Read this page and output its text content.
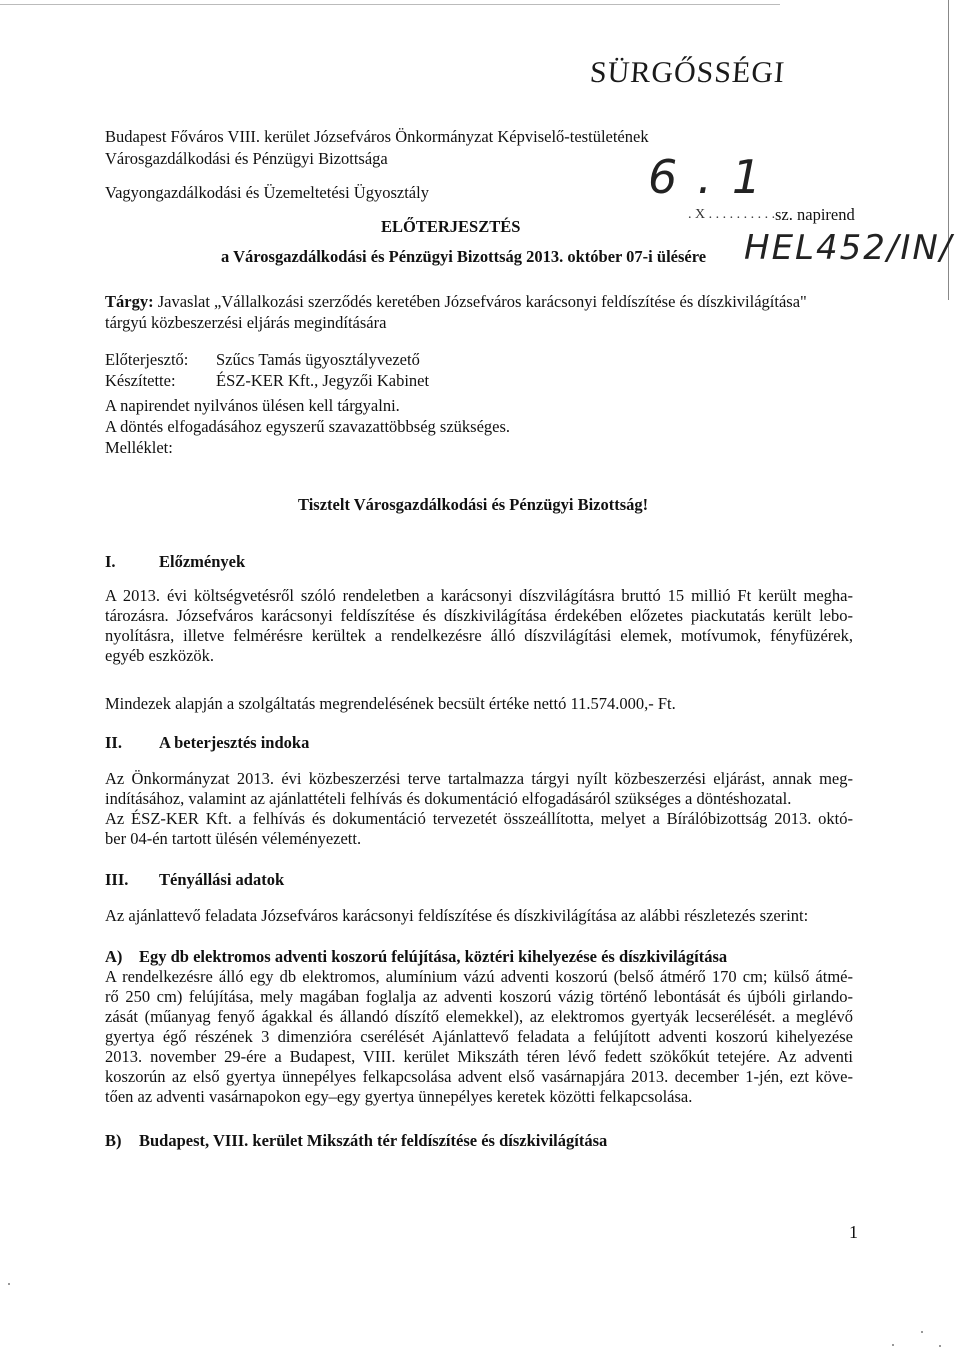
SÜRGŐSSÉGI
Budapest Főváros VIII. kerület Józsefváros Önkormányzat Képviselő-testületének
Városgazdálkodási és Pénzügyi Bizottsága
Vagyongazdálkodási és Üzemeltetési Ügyosztály	6.1
. X . . . . . . . . . . sz. napirend
ELŐTERJESZTÉS
a Városgazdálkodási és Pénzügyi Bizottság 2013. október 07-i ülésére HEL452/IN/
Tárgy: Javaslat „Vállalkozási szerződés keretében Józsefváros karácsonyi feldíszítése és díszkivilágítása"
tárgyú közbeszerzési eljárás megindítására
Előterjesztő: Szűcs Tamás ügyosztályvezető
Készítette: ÉSZ-KER Kft., Jegyzői Kabinet
A napirendet nyilvános ülésen kell tárgyalni.
A döntés elfogadásához egyszerű szavazattöbbség szükséges.
Melléklet:
Tisztelt Városgazdálkodási és Pénzügyi Bizottság!
I.	Előzmények
A 2013. évi költségvetésről szóló rendeletben a karácsonyi díszvilágításra bruttó 15 millió Ft került megha-
tározásra. Józsefváros karácsonyi feldíszítése és díszkivilágítása érdekében előzetes piackutatás került lebo-
nyolításra, illetve felmérésre kerültek a rendelkezésre álló díszvilágítási elemek, motívumok, fényfüzérek,
egyéb eszközök.
Mindezek alapján a szolgáltatás megrendelésének becsült értéke nettó 11.574.000,- Ft.
II. A beterjesztés indoka
Az Önkormányzat 2013. évi közbeszerzési terve tartalmazza tárgyi nyílt közbeszerzési eljárást, annak meg-
indításához, valamint az ajánlattételi felhívás és dokumentáció elfogadásáról szükséges a döntéshozatal.
Az ÉSZ-KER Kft. a felhívás és dokumentáció tervezetét összeállította, melyet a Bírálóbizottság 2013. októ-
ber 04-én tartott ülésén véleményezett.
III. Tényállási adatok
Az ajánlattevő feladata Józsefváros karácsonyi feldíszítése és díszkivilágítása az alábbi részletezés szerint:
A) Egy db elektromos adventi koszorú felújítása, köztéri kihelyezése és díszkivilágítása
A rendelkezésre álló egy db elektromos, alumínium vázú adventi koszorú (belső átmérő 170 cm; külső átmé-
rő 250 cm) felújítása, mely magában foglalja az adventi koszorú vázig történő lebontását és újbóli girlando-
zását (műanyag fenyő ágakkal és állandó díszítő elemekkel), az elektromos gyertyák lecserélését. a meglévő
gyertya égő részének 3 dimenzióra cserélését Ajánlattevő feladata a felújított adventi koszorú kihelyezése
2013. november 29-ére a Budapest, VIII. kerület Mikszáth téren lévő fedett szökőkút tetejére. Az adventi
koszorún az első gyertya ünnepélyes felkapcsolása advent első vasárnapjára 2013. december 1-jén, ezt köve-
tően az adventi vasárnapokon egy–egy gyertya ünnepélyes keretek közötti felkapcsolása.
B) Budapest, VIII. kerület Mikszáth tér feldíszítése és díszkivilágítása
1
